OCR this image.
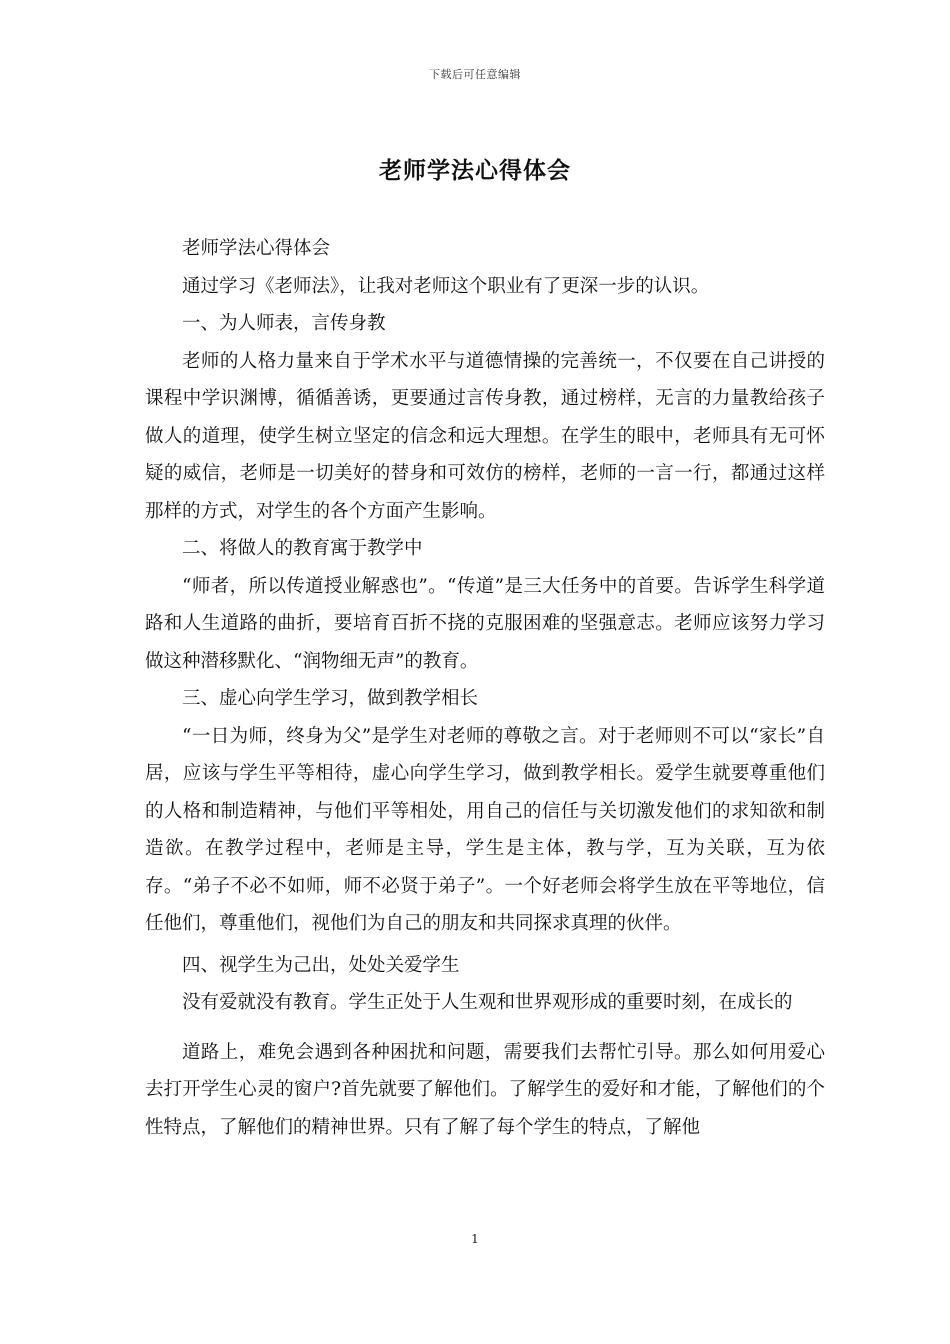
下载后可任意编辑
老师学法心得体会

老师学法心得体会

通过学习《老师法》，让我对老师这个职业有了更深一步的认识。

一、为人师表，言传身教

老师的人格力量来自于学术水平与道德情操的完善统一，不仅要在自己讲授的课程中学识渊博，循循善诱，更要通过言传身教，通过榜样，无言的力量教给孩子做人的道理，使学生树立坚定的信念和远大理想。在学生的眼中，老师具有无可怀疑的威信，老师是一切美好的替身和可效仿的榜样，老师的一言一行，都通过这样那样的方式，对学生的各个方面产生影响。

二、将做人的教育寓于教学中

“师者，所以传道授业解惑也”。“传道”是三大任务中的首要。告诉学生科学道路和人生道路的曲折，要培育百折不挠的克服困难的坚强意志。老师应该努力学习做这种潜移默化、“润物细无声”的教育。

三、虚心向学生学习，做到教学相长

“一日为师，终身为父”是学生对老师的尊敬之言。对于老师则不可以“家长”自居，应该与学生平等相待，虚心向学生学习，做到教学相长。爱学生就要尊重他们的人格和制造精神，与他们平等相处，用自己的信任与关切激发他们的求知欲和制造欲。在教学过程中，老师是主导，学生是主体，教与学，互为关联，互为依存。“弟子不必不如师，师不必贤于弟子”。一个好老师会将学生放在平等地位，信任他们，尊重他们，视他们为自己的朋友和共同探求真理的伙伴。

四、视学生为己出，处处关爱学生

没有爱就没有教育。学生正处于人生观和世界观形成的重要时刻，在成长的

道路上，难免会遇到各种困扰和问题，需要我们去帮忙引导。那么如何用爱心去打开学生心灵的窗户?首先就要了解他们。了解学生的爱好和才能，了解他们的个性特点，了解他们的精神世界。只有了解了每个学生的特点，了解他

1
